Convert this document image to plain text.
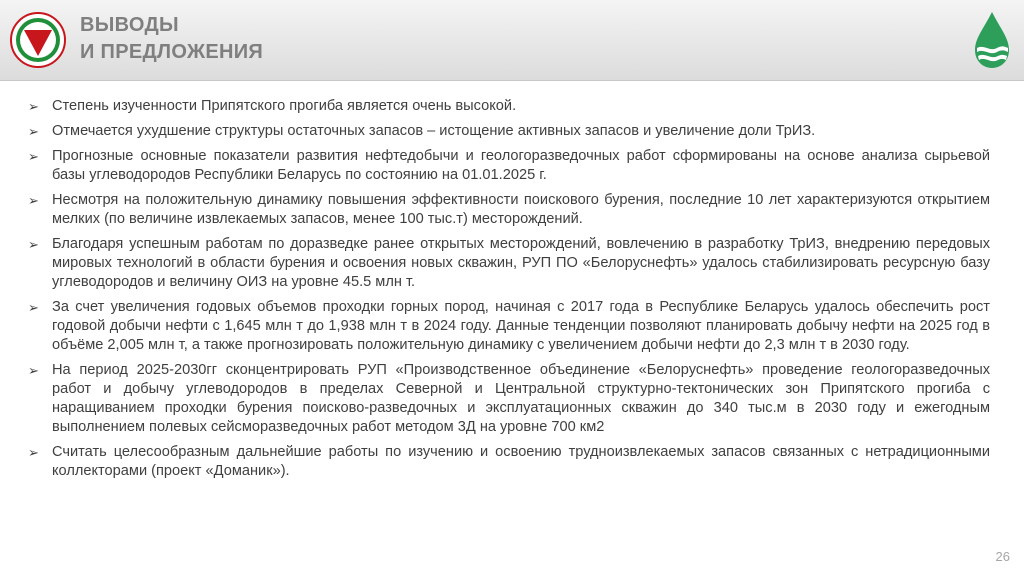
ВЫВОДЫ
И ПРЕДЛОЖЕНИЯ
➢ Степень изученности Припятского прогиба является очень высокой.
➢ Отмечается ухудшение структуры остаточных запасов – истощение активных запасов и увеличение доли ТрИЗ.
➢ Прогнозные основные показатели развития нефтедобычи и геологоразведочных работ сформированы на основе анализа сырьевой базы углеводородов Республики Беларусь по состоянию на 01.01.2025 г.
➢ Несмотря на положительную динамику повышения эффективности поискового бурения, последние 10 лет характеризуются открытием мелких (по величине извлекаемых запасов, менее 100 тыс.т) месторождений.
➢ Благодаря успешным работам по доразведке ранее открытых месторождений, вовлечению в разработку ТрИЗ, внедрению передовых мировых технологий в области бурения и освоения новых скважин, РУП ПО «Белоруснефть» удалось стабилизировать ресурсную базу углеводородов и величину ОИЗ на уровне 45.5 млн т.
➢ За счет увеличения годовых объемов проходки горных пород, начиная с 2017 года в Республике Беларусь удалось обеспечить рост годовой добычи нефти с 1,645 млн т до 1,938 млн т в 2024 году. Данные тенденции позволяют планировать добычу нефти на 2025 год в объёме 2,005 млн т, а также прогнозировать положительную динамику с увеличением добычи нефти до 2,3 млн т в 2030 году.
➢ На период 2025-2030гг сконцентрировать РУП «Производственное объединение «Белоруснефть» проведение геологоразведочных работ и добычу углеводородов в пределах Северной и Центральной структурно-тектонических зон Припятского прогиба с наращиванием проходки бурения поисково-разведочных и эксплуатационных скважин до 340 тыс.м в 2030 году и ежегодным выполнением полевых сейсморазведочных работ методом 3Д на уровне 700 км2
➢ Считать целесообразным дальнейшие работы по изучению и освоению трудноизвлекаемых запасов связанных с нетрадиционными коллекторами (проект «Доманик»).
26
